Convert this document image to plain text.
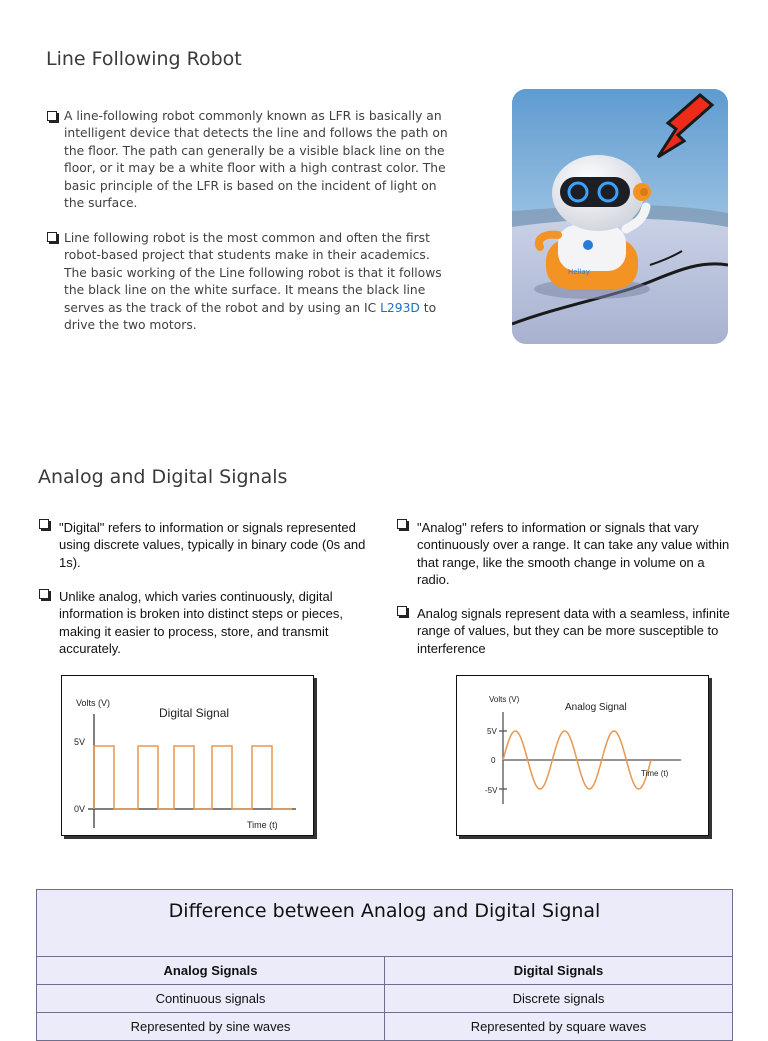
Line Following Robot
A line-following robot commonly known as LFR is basically an intelligent device that detects the line and follows the path on the floor. The path can generally be a visible black line on the floor, or it may be a white floor with a high contrast color. The basic principle of the LFR is based on the incident of light on the surface.
Line following robot is the most common and often the first robot-based project that students make in their academics. The basic working of the Line following robot is that it follows the black line on the white surface. It means the black line serves as the track of the robot and by using an IC L293D to drive the two motors.
Hellay
Analog and Digital Signals
"Digital" refers to information or signals represented using discrete values, typically in binary code (0s and 1s).
Unlike analog, which varies continuously, digital information is broken into distinct steps or pieces, making it easier to process, store, and transmit accurately.
"Analog" refers to information or signals that vary continuously over a range. It can take any value within that range, like the smooth change in volume on a radio.
Analog signals represent data with a seamless, infinite range of values, but they can be more susceptible to interference
Volts (V)
Digital Signal
5V
0V
Time (t)
Volts (V)
Analog Signal
5V
0
-5V
Time (t)
Difference between Analog and Digital Signal	
Analog Signals	Digital Signals
Continuous signals	Discrete signals
Represented by sine waves	Represented by square waves
